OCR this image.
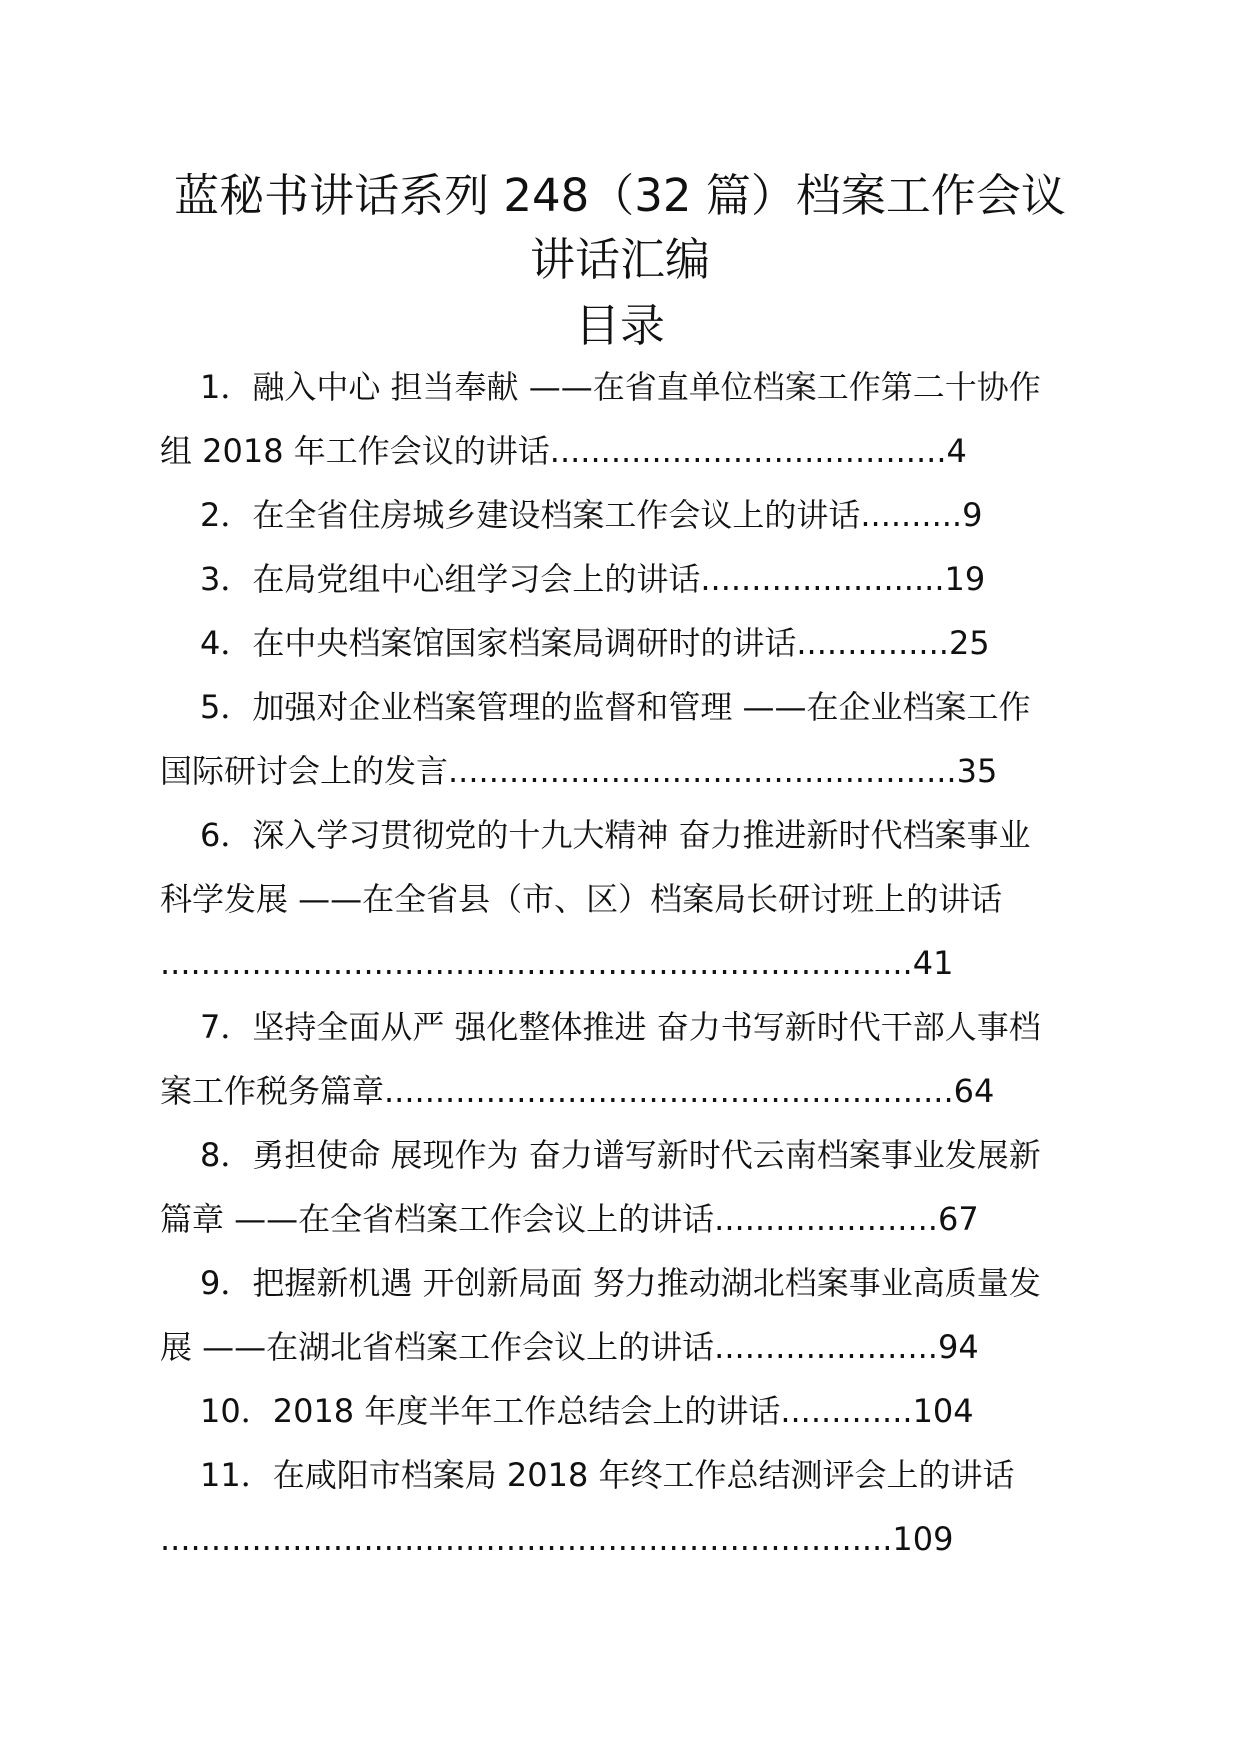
蓝秘书讲话系列 248（32 篇）档案工作会议
讲话汇编
目录
1．融入中心 担当奉献 ——在省直单位档案工作第二十协作
组 2018 年工作会议的讲话.......................................4
2．在全省住房城乡建设档案工作会议上的讲话..........9
3．在局党组中心组学习会上的讲话........................19
4．在中央档案馆国家档案局调研时的讲话...............25
5．加强对企业档案管理的监督和管理 ——在企业档案工作
国际研讨会上的发言..................................................35
6．深入学习贯彻党的十九大精神 奋力推进新时代档案事业
科学发展 ——在全省县（市、区）档案局长研讨班上的讲话
..........................................................................41
7．坚持全面从严 强化整体推进 奋力书写新时代干部人事档
案工作税务篇章........................................................64
8．勇担使命 展现作为 奋力谱写新时代云南档案事业发展新
篇章 ——在全省档案工作会议上的讲话......................67
9．把握新机遇 开创新局面 努力推动湖北档案事业高质量发
展 ——在湖北省档案工作会议上的讲话......................94
10．2018 年度半年工作总结会上的讲话.............104
11．在咸阳市档案局 2018 年终工作总结测评会上的讲话
........................................................................109
